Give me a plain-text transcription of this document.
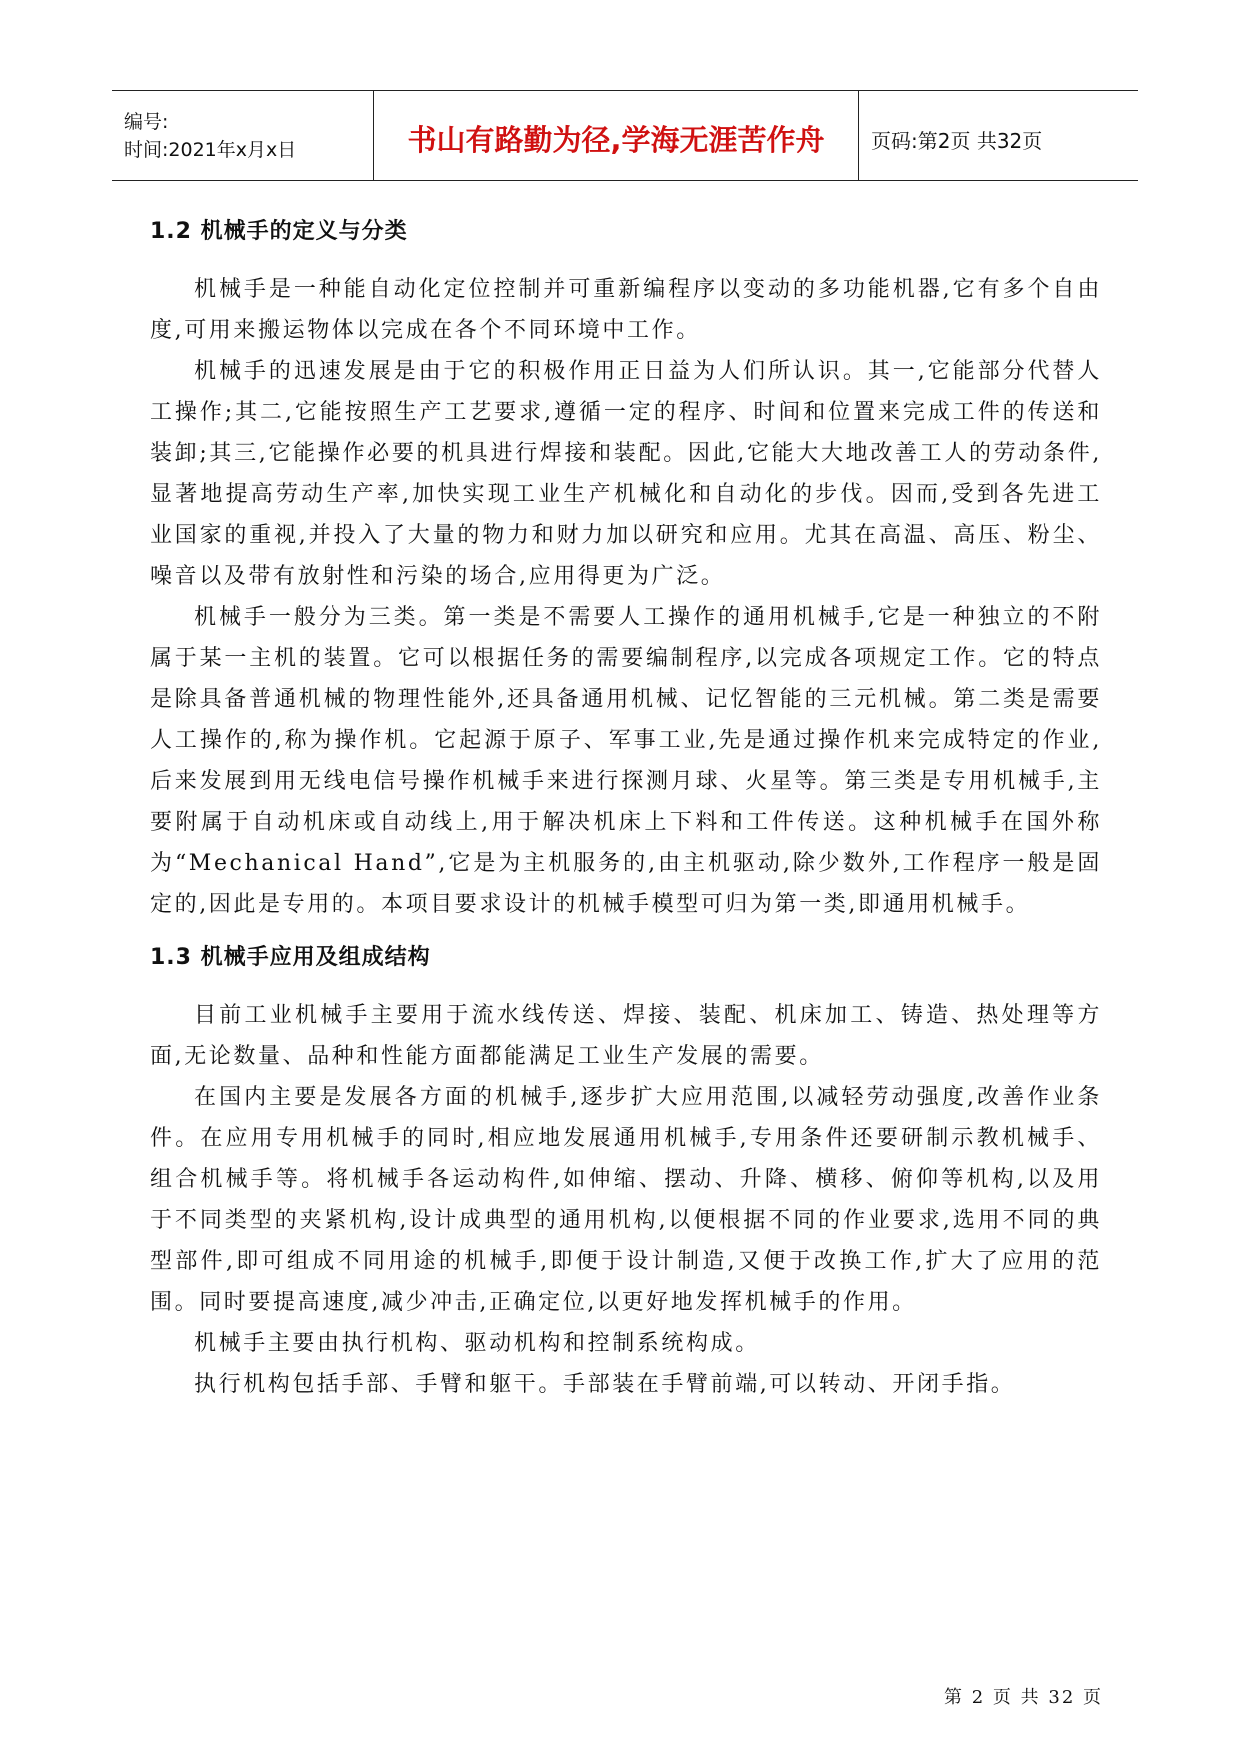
编号:
时间:2021年x月x日	书山有路勤为径,学海无涯苦作舟 页码:第2页 共32页
1.2 机械手的定义与分类

机械手是一种能自动化定位控制并可重新编程序以变动的多功能机器,它有多个自由度,可用来搬运物体以完成在各个不同环境中工作。

机械手的迅速发展是由于它的积极作用正日益为人们所认识。其一,它能部分代替人工操作;其二,它能按照生产工艺要求,遵循一定的程序、时间和位置来完成工件的传送和装卸;其三,它能操作必要的机具进行焊接和装配。因此,它能大大地改善工人的劳动条件,显著地提高劳动生产率,加快实现工业生产机械化和自动化的步伐。因而,受到各先进工业国家的重视,并投入了大量的物力和财力加以研究和应用。尤其在高温、高压、粉尘、噪音以及带有放射性和污染的场合,应用得更为广泛。

机械手一般分为三类。第一类是不需要人工操作的通用机械手,它是一种独立的不附属于某一主机的装置。它可以根据任务的需要编制程序,以完成各项规定工作。它的特点是除具备普通机械的物理性能外,还具备通用机械、记忆智能的三元机械。第二类是需要人工操作的,称为操作机。它起源于原子、军事工业,先是通过操作机来完成特定的作业,后来发展到用无线电信号操作机械手来进行探测月球、火星等。第三类是专用机械手,主要附属于自动机床或自动线上,用于解决机床上下料和工件传送。这种机械手在国外称为“Mechanical Hand”,它是为主机服务的,由主机驱动,除少数外,工作程序一般是固定的,因此是专用的。本项目要求设计的机械手模型可归为第一类,即通用机械手。

1.3 机械手应用及组成结构

目前工业机械手主要用于流水线传送、焊接、装配、机床加工、铸造、热处理等方面,无论数量、品种和性能方面都能满足工业生产发展的需要。

在国内主要是发展各方面的机械手,逐步扩大应用范围,以减轻劳动强度,改善作业条件。在应用专用机械手的同时,相应地发展通用机械手,专用条件还要研制示教机械手、组合机械手等。将机械手各运动构件,如伸缩、摆动、升降、横移、俯仰等机构,以及用于不同类型的夹紧机构,设计成典型的通用机构,以便根据不同的作业要求,选用不同的典型部件,即可组成不同用途的机械手,即便于设计制造,又便于改换工作,扩大了应用的范围。同时要提高速度,减少冲击,正确定位,以更好地发挥机械手的作用。

机械手主要由执行机构、驱动机构和控制系统构成。

执行机构包括手部、手臂和躯干。手部装在手臂前端,可以转动、开闭手指。

第 2 页 共 32 页
